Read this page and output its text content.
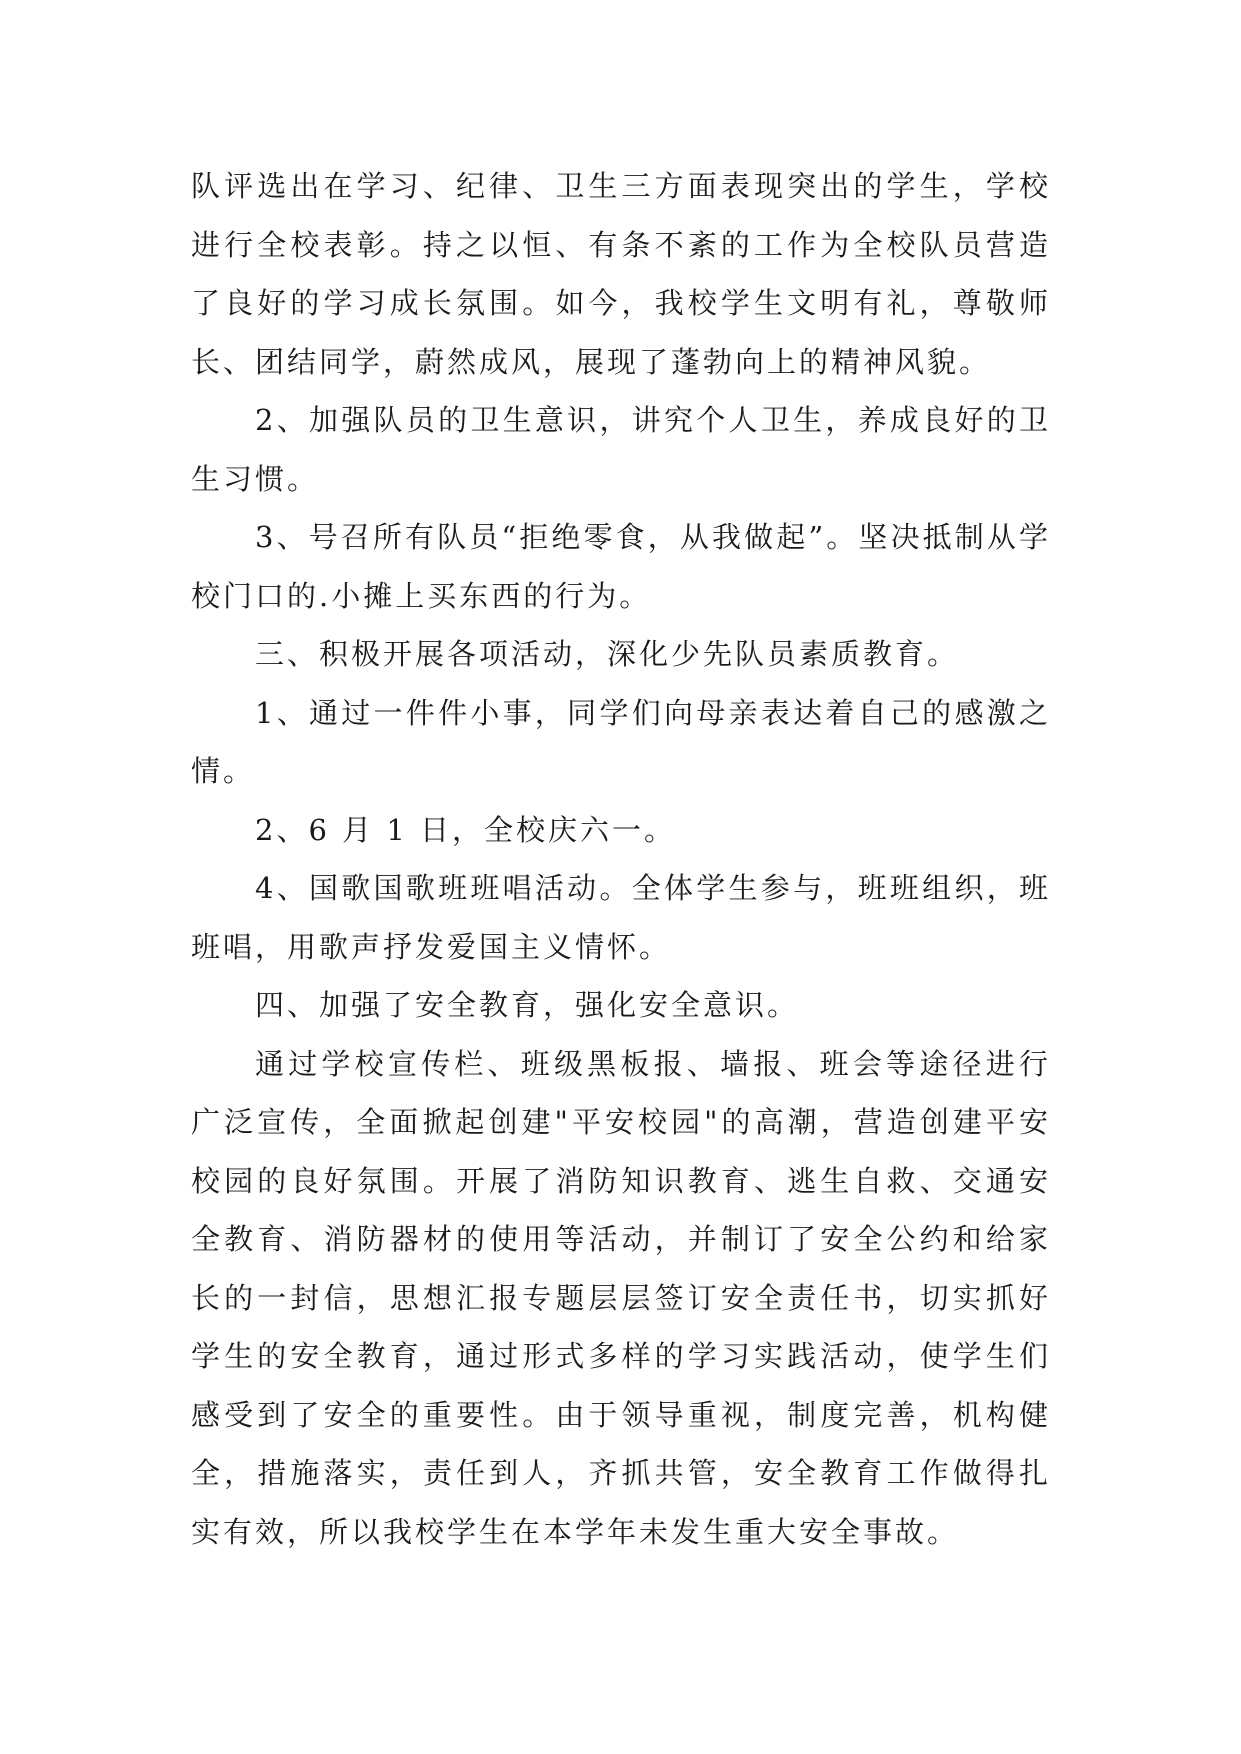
队评选出在学习、纪律、卫生三方面表现突出的学生，学校进行全校表彰。持之以恒、有条不紊的工作为全校队员营造了良好的学习成长氛围。如今，我校学生文明有礼，尊敬师长、团结同学，蔚然成风，展现了蓬勃向上的精神风貌。

2、加强队员的卫生意识，讲究个人卫生，养成良好的卫生习惯。

3、号召所有队员“拒绝零食，从我做起”。坚决抵制从学校门口的.小摊上买东西的行为。

三、积极开展各项活动，深化少先队员素质教育。

1、通过一件件小事，同学们向母亲表达着自己的感激之情。

2、6 月 1 日，全校庆六一。

4、国歌国歌班班唱活动。全体学生参与，班班组织，班班唱，用歌声抒发爱国主义情怀。

四、加强了安全教育，强化安全意识。

通过学校宣传栏、班级黑板报、墙报、班会等途径进行广泛宣传，全面掀起创建"平安校园"的高潮，营造创建平安校园的良好氛围。开展了消防知识教育、逃生自救、交通安全教育、消防器材的使用等活动，并制订了安全公约和给家长的一封信，思想汇报专题层层签订安全责任书，切实抓好学生的安全教育，通过形式多样的学习实践活动，使学生们感受到了安全的重要性。由于领导重视，制度完善，机构健全，措施落实，责任到人，齐抓共管，安全教育工作做得扎实有效，所以我校学生在本学年未发生重大安全事故。
